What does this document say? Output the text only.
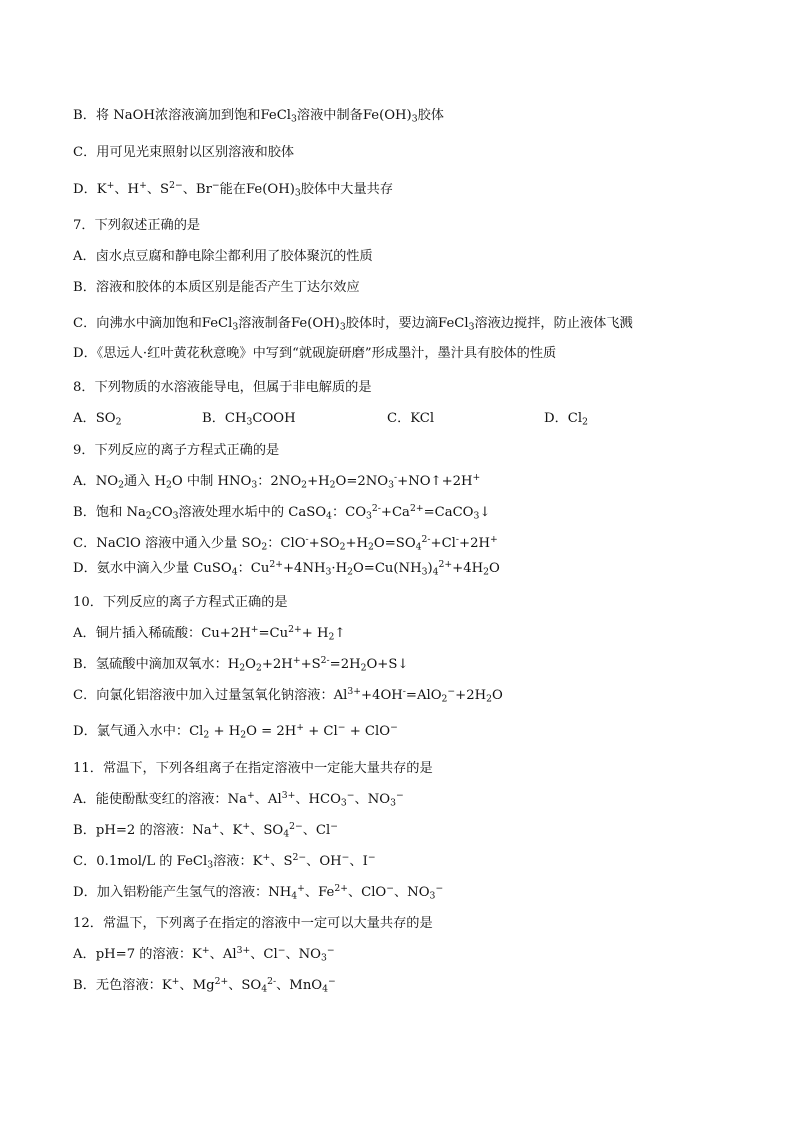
B．将 NaOH浓溶液滴加到饱和FeCl$_3$溶液中制备$Fe(OH)_3$胶体
C．用可见光束照射以区别溶液和胶体
D．K+、H+、$S^{2-}$、Br−能在$Fe(OH)_3$胶体中大量共存
7．下列叙述正确的是
A．卤水点豆腐和静电除尘都利用了胶体聚沉的性质
B．溶液和胶体的本质区别是能否产生丁达尔效应
C．向沸水中滴加饱和FeCl$_3$溶液制备$Fe(OH)_3$胶体时，要边滴FeCl$_3$溶液边搅拌，防止液体飞溅
D．《思远人·红叶黄花秋意晚》中写到“就砚旋研磨”形成墨汁，墨汁具有胶体的性质
8．下列物质的水溶液能导电，但属于非电解质的是
A．$SO_2$	B．$CH_3COOH$	C．KCl	D．$Cl_2$
9．下列反应的离子方程式正确的是
A．$NO_2$通入 $H_2O$ 中制 $HNO_3$：$2NO_2+H_2O=2NO_3^-+NO↑+2H^+$
B．饱和 $Na_2CO_3$溶液处理水垢中的 CaSO$_4$：$CO_3^{2-}+Ca^{2+}=CaCO_3↓$
C．NaClO 溶液中通入少量 $SO_2$：$ClO^-+SO_2+H_2O=SO_4^{2-}+Cl^-+2H^+$
D．氨水中滴入少量 CuSO$_4$：$Cu^{2+}+4NH_3\cdot H_2O=Cu(NH_3)_4^{2+}+4H_2O$
10．下列反应的离子方程式正确的是
A．铜片插入稀硫酸：$Cu+2H^+=Cu^{2+}+$ $H_2↑$
B．氢硫酸中滴加双氧水：$H_2O_2+2H^++S^{2-}=2H_2O+S↓$
C．向氯化铝溶液中加入过量氢氧化钠溶液：$Al^{3+}+4OH^-=AlO_2^-+2H_2O$
D．氯气通入水中：$Cl_2 + H_2O = 2H^+ + Cl^- + ClO^-$
11．常温下，下列各组离子在指定溶液中一定能大量共存的是
A．能使酚酞变红的溶液：Na+、$Al^{3+}$、$HCO_3^-$、$NO_3^-$
B．pH=2 的溶液：Na+、K+、$SO_4^{2-}$、Cl−
C．0.1mol/L 的 FeCl$_3$溶液：K+、$S^{2-}$、OH−、I−
D．加入铝粉能产生氢气的溶液：$NH_4^+$、$Fe^{2+}$、ClO−、$NO_3^-$
12．常温下，下列离子在指定的溶液中一定可以大量共存的是
A．pH=7 的溶液：K+、$Al^{3+}$、Cl−、$NO_3^-$
B．无色溶液：K+、$Mg^{2+}$、$SO_4^{2-}$、MnO$_4$−
